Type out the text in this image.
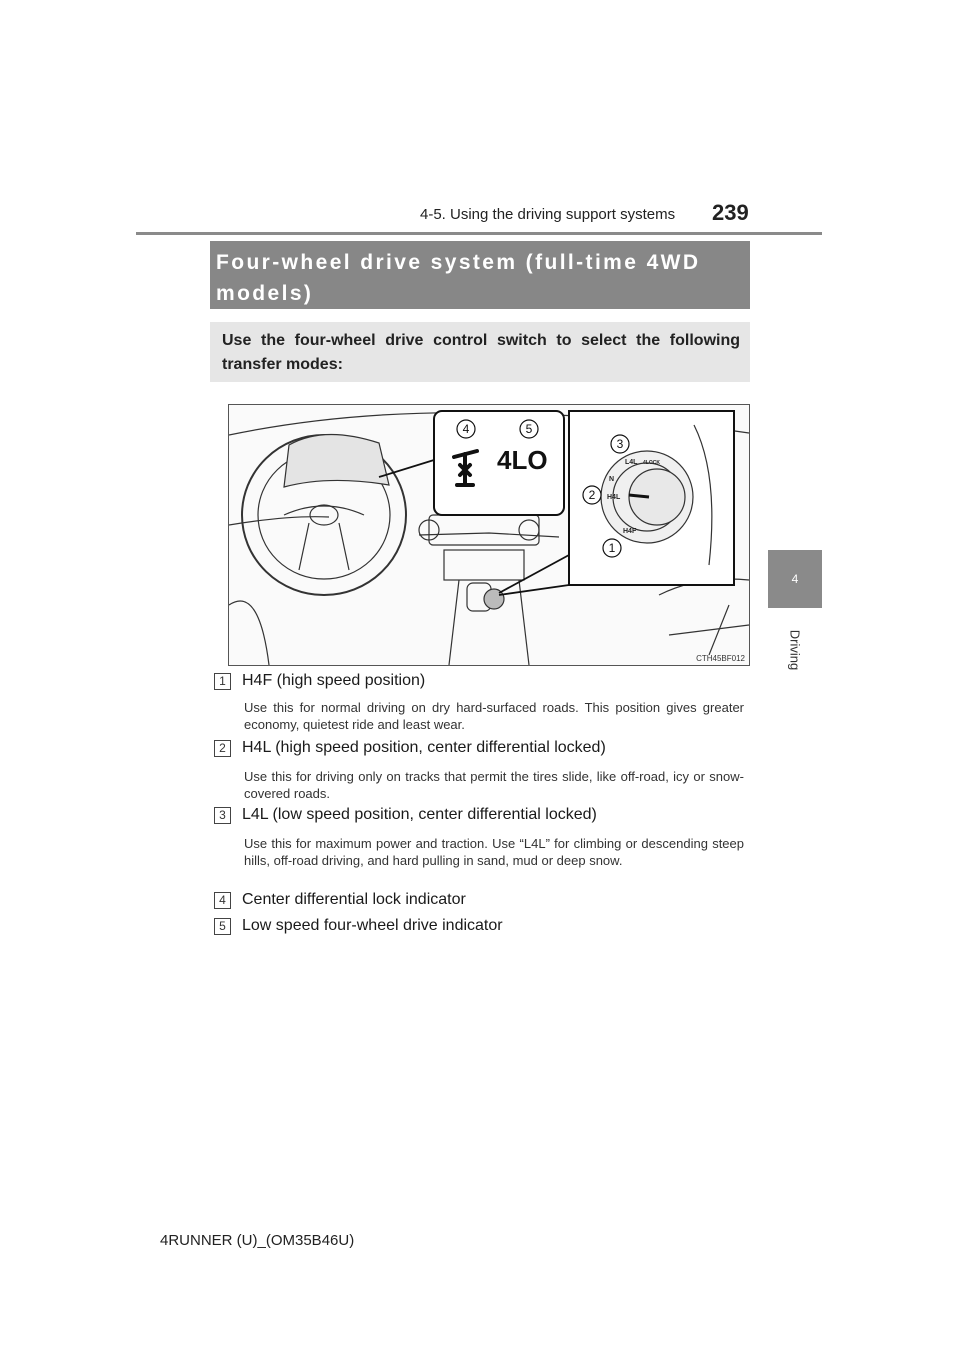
4-5. Using the driving support systems 239
4
Driving
Four-wheel drive system (full-time 4WD models)
Use the four-wheel drive control switch to select the following transfer modes:
4LO	L4L
H4L
H4F
N
4LOCK
4	5
3
2
1
CTH45BF012
1	H4F (high speed position)
Use this for normal driving on dry hard-surfaced roads. This position gives greater economy, quietest ride and least wear.
2	H4L (high speed position, center differential locked)
Use this for driving only on tracks that permit the tires slide, like off-road, icy or snow-covered roads.
3	L4L (low speed position, center differential locked)
Use this for maximum power and traction. Use “L4L” for climbing or descending steep hills, off-road driving, and hard pulling in sand, mud or deep snow.
4	Center differential lock indicator
5	Low speed four-wheel drive indicator
4RUNNER (U)_(OM35B46U)
